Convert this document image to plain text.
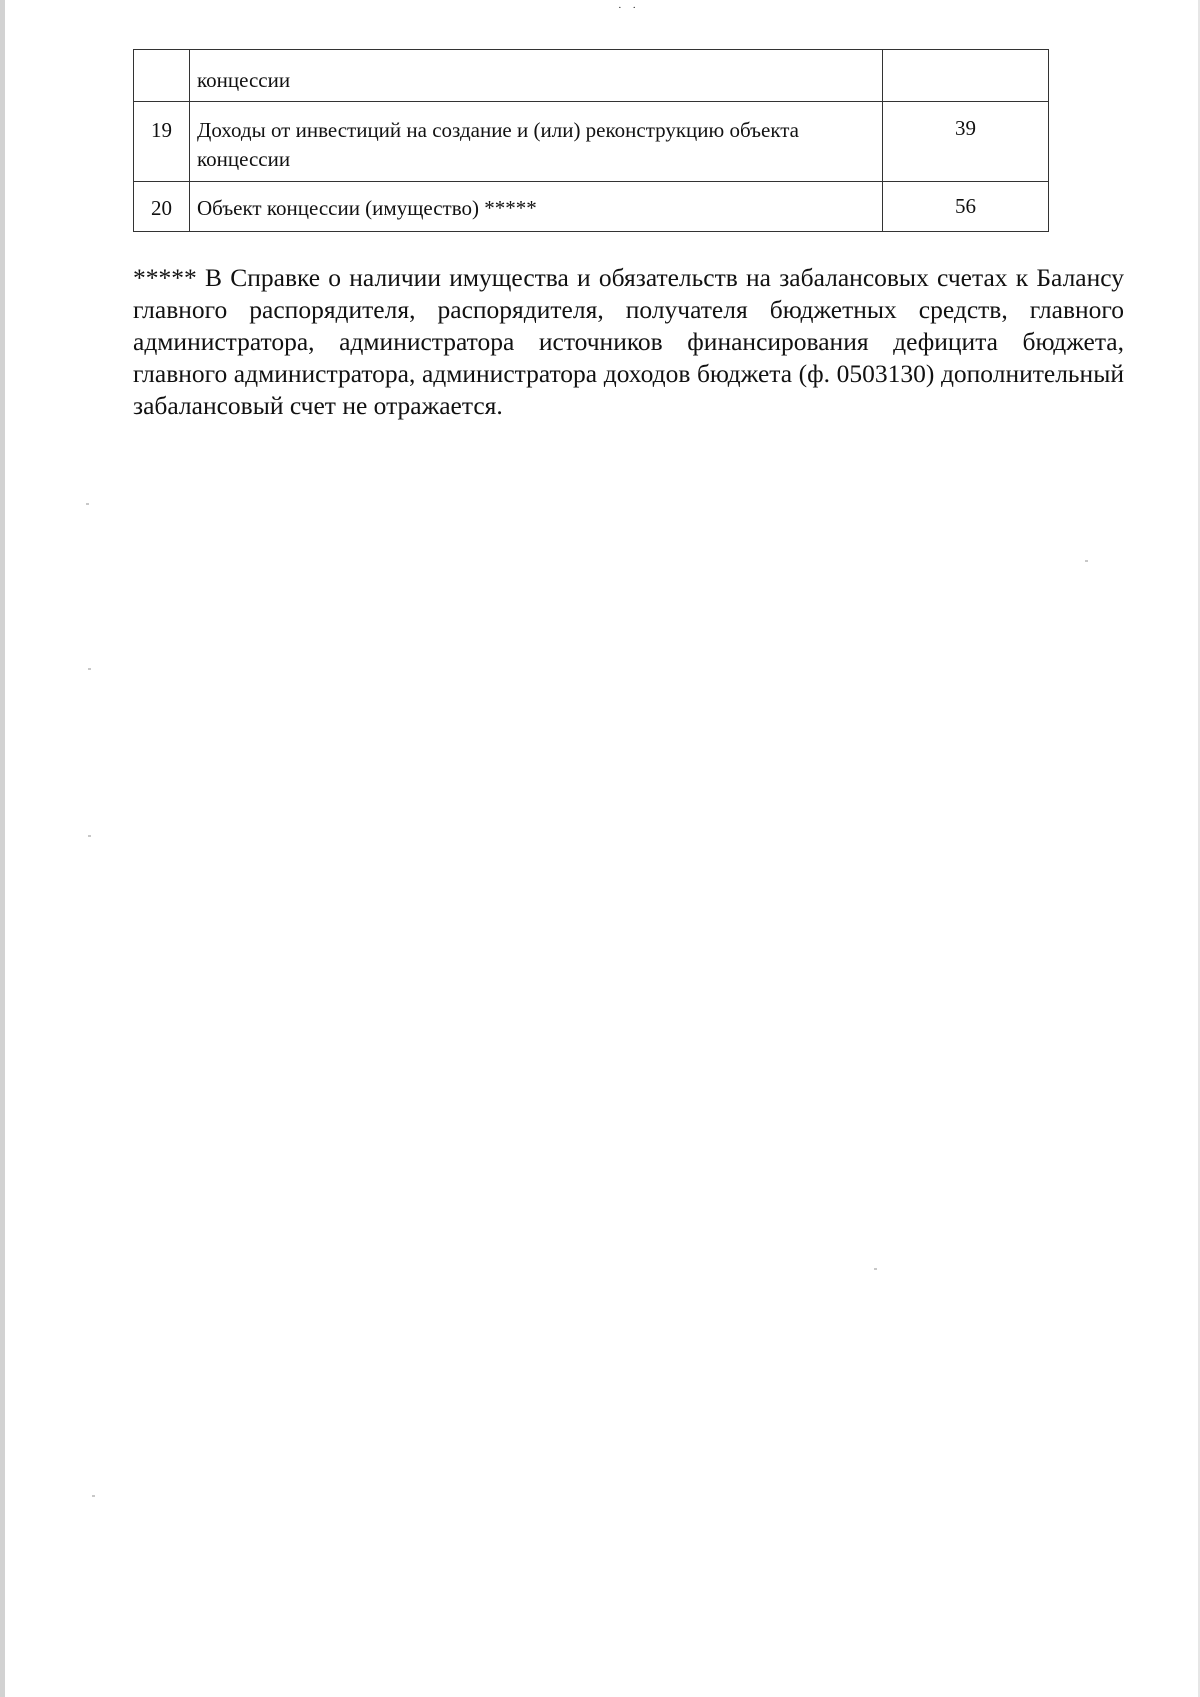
· ·
	концессии	
19	Доходы от инвестиций на создание и (или) реконструкцию объекта концессии	39
20	Объект концессии (имущество) *****	56

***** В Справке о наличии имущества и обязательств на забалансовых счетах к Балансу главного распорядителя, распорядителя, получателя бюджетных средств, главного администратора, администратора источников финансирования дефицита бюджета, главного администратора, администратора доходов бюджета (ф. 0503130) дополнительный забалансовый счет не отражается.
